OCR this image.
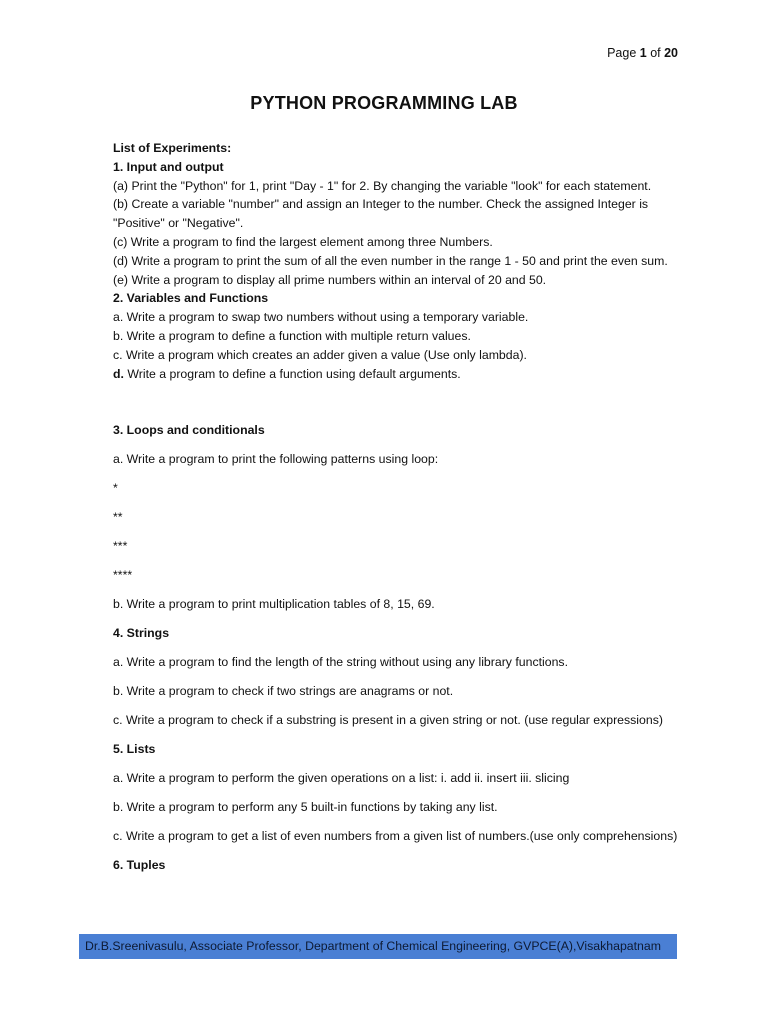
Page 1 of 20
PYTHON PROGRAMMING LAB

List of Experiments:

1. Input and output

(a) Print the "Python" for 1, print "Day - 1" for 2. By changing the variable "look" for each statement.

(b) Create a variable "number" and assign an Integer to the number. Check the assigned Integer is "Positive" or "Negative".

(c) Write a program to find the largest element among three Numbers.

(d) Write a program to print the sum of all the even number in the range 1 - 50 and print the even sum.

(e) Write a program to display all prime numbers within an interval of 20 and 50.

2. Variables and Functions

a. Write a program to swap two numbers without using a temporary variable.

b. Write a program to define a function with multiple return values.

c. Write a program which creates an adder given a value (Use only lambda).

d. Write a program to define a function using default arguments.

3. Loops and conditionals

a. Write a program to print the following patterns using loop:

*

**

***

****

b. Write a program to print multiplication tables of 8, 15, 69.

4. Strings

a. Write a program to find the length of the string without using any library functions.

b. Write a program to check if two strings are anagrams or not.

c. Write a program to check if a substring is present in a given string or not. (use regular expressions)

5. Lists

a. Write a program to perform the given operations on a list: i. add ii. insert iii. slicing

b. Write a program to perform any 5 built-in functions by taking any list.

c. Write a program to get a list of even numbers from a given list of numbers.(use only comprehensions)

6. Tuples

Dr.B.Sreenivasulu, Associate Professor, Department of Chemical Engineering, GVPCE(A),Visakhapatnam
